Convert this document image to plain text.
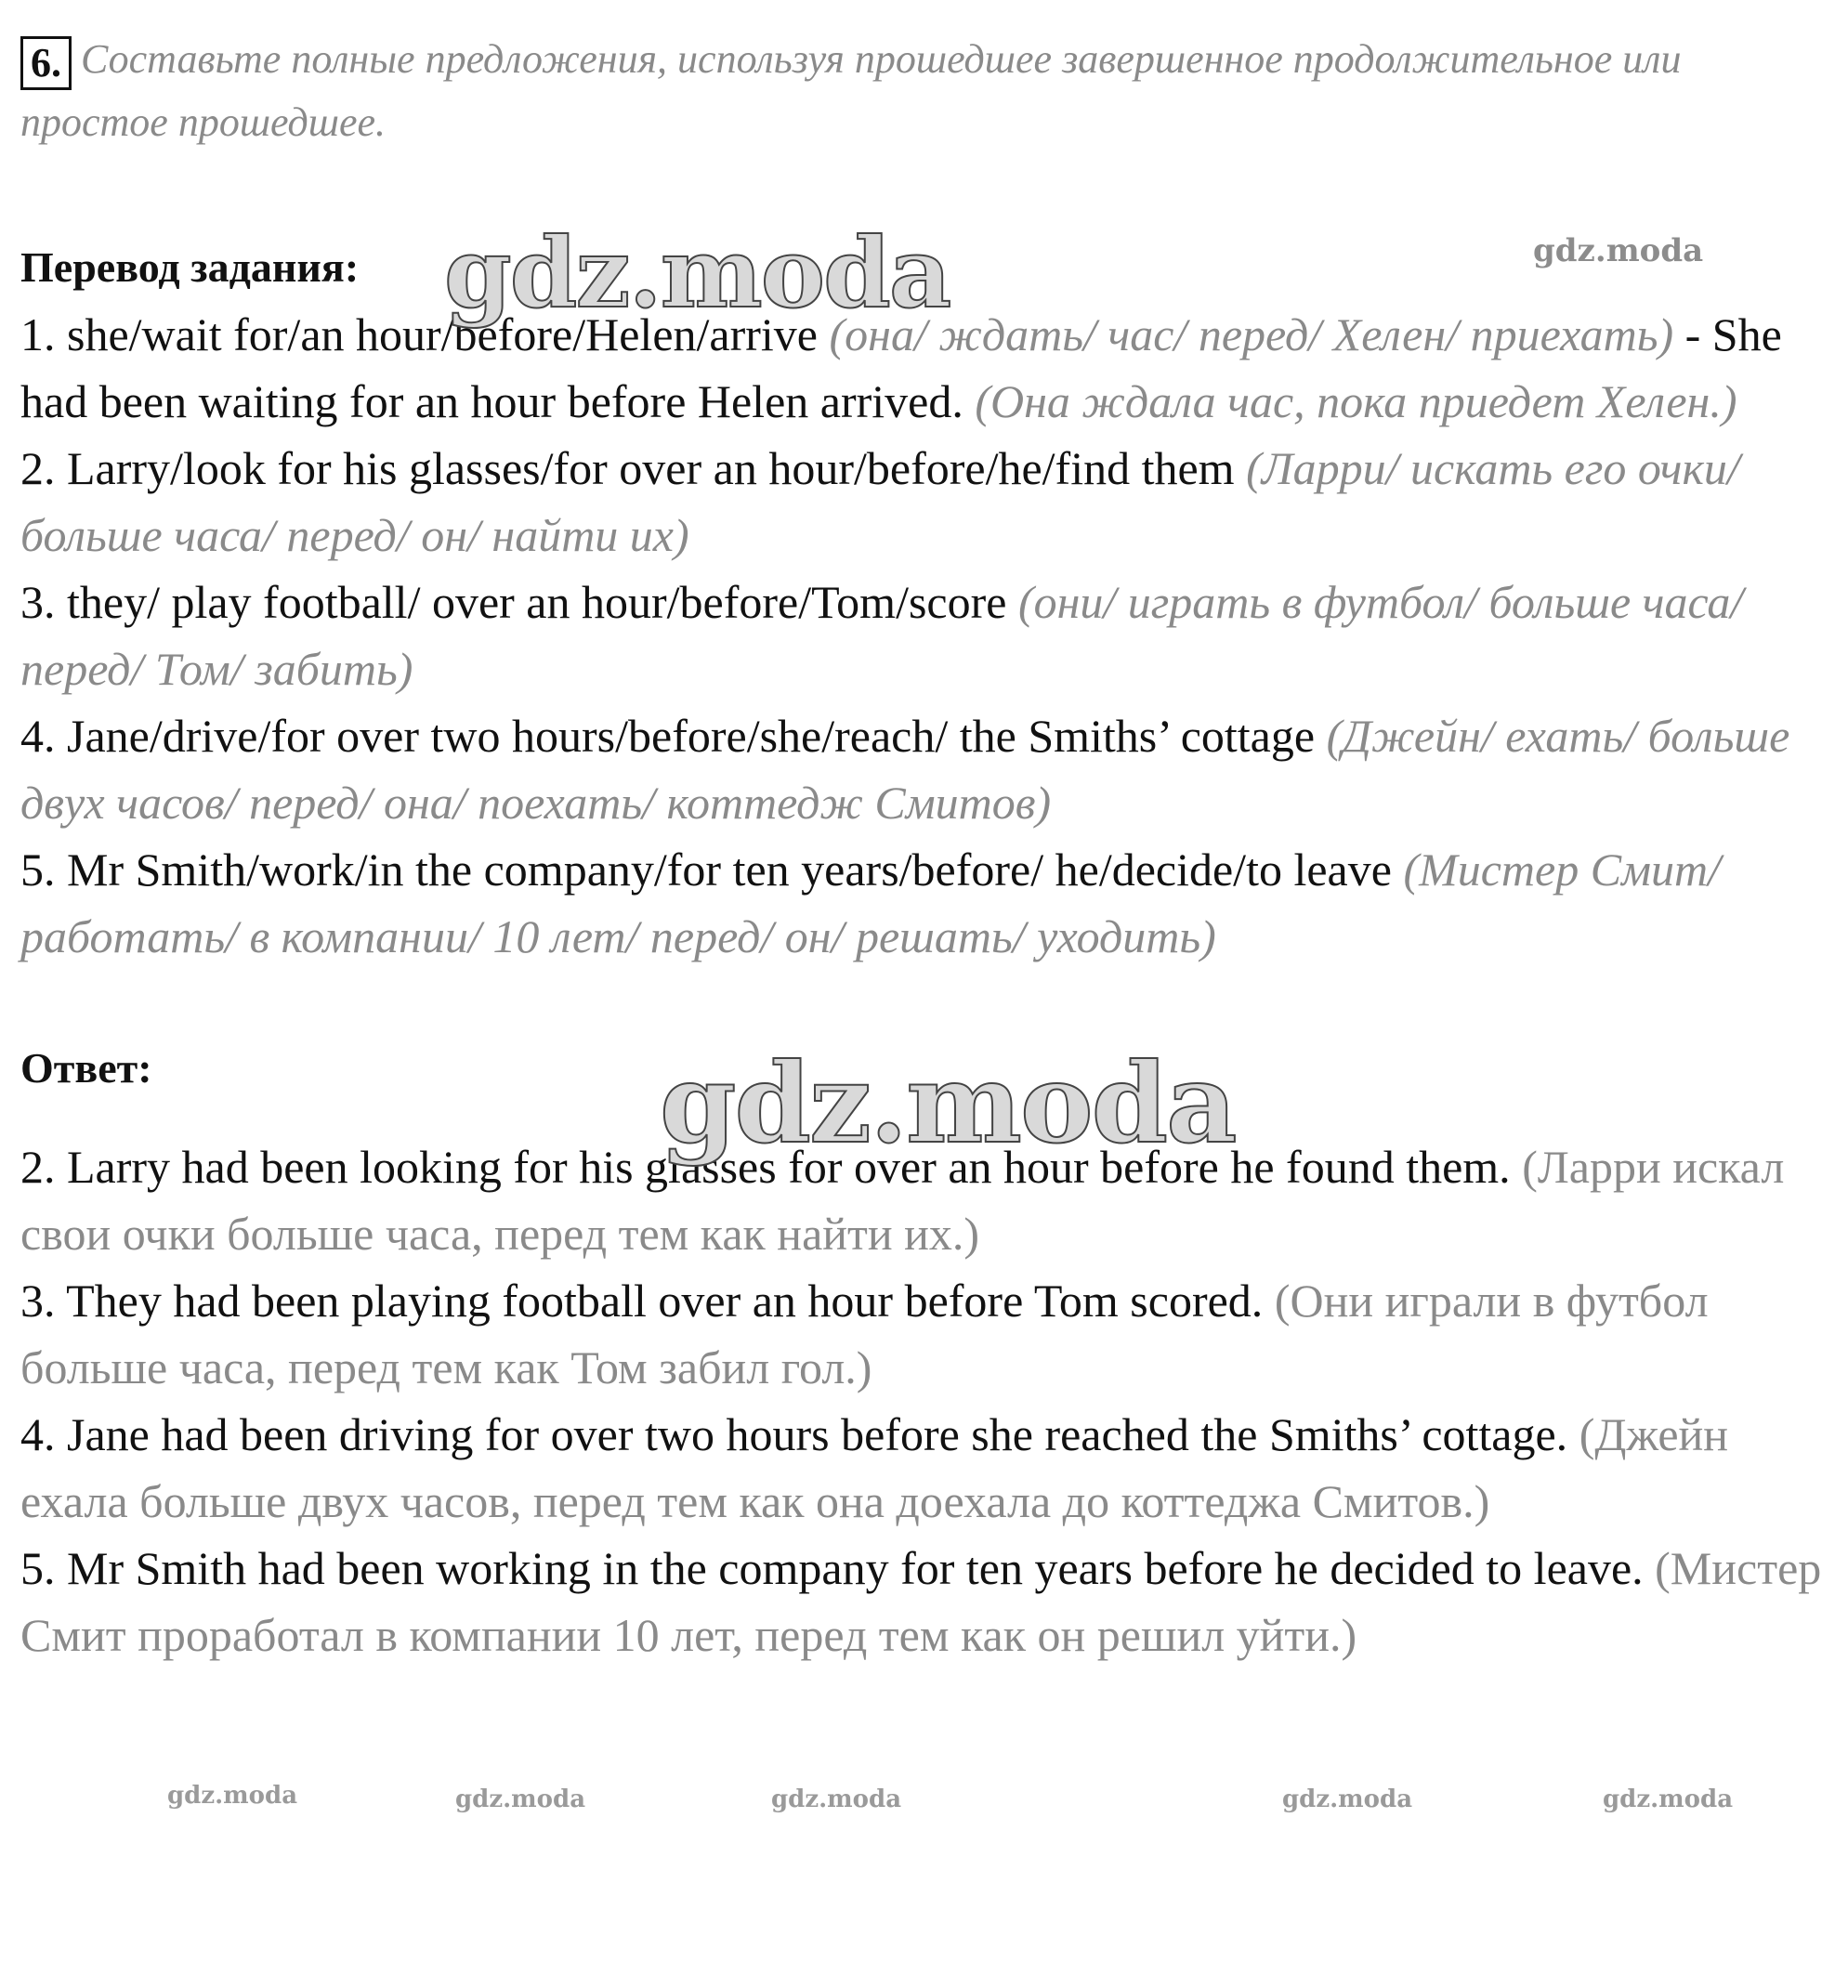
6. Составьте полные предложения, используя прошедшее завершенное продолжительное или простое прошедшее.
Перевод задания:
1. she/wait for/an hour/before/Helen/arrive (она/ ждать/ час/ перед/ Хелен/ приехать) - She had been waiting for an hour before Helen arrived. (Она ждала час, пока приедет Хелен.)
2. Larry/look for his glasses/for over an hour/before/he/find them (Ларри/ искать его очки/ больше часа/ перед/ он/ найти их)
3. they/ play football/ over an hour/before/Tom/score (они/ играть в футбол/ больше часа/ перед/ Том/ забить)
4. Jane/drive/for over two hours/before/she/reach/ the Smiths’ cottage (Джейн/ ехать/ больше двух часов/ перед/ она/ поехать/ коттедж Смитов)
5. Mr Smith/work/in the company/for ten years/before/ he/decide/to leave (Мистер Смит/ работать/ в компании/ 10 лет/ перед/ он/ решать/ уходить)
Ответ:
2. Larry had been looking for his glasses for over an hour before he found them. (Ларри искал свои очки больше часа, перед тем как найти их.)
3. They had been playing football over an hour before Tom scored. (Они играли в футбол больше часа, перед тем как Том забил гол.)
4. Jane had been driving for over two hours before she reached the Smiths’ cottage. (Джейн ехала больше двух часов, перед тем как она доехала до коттеджа Смитов.)
5. Mr Smith had been working in the company for ten years before he decided to leave. (Мистер Смит проработал в компании 10 лет, перед тем как он решил уйти.)
gdz.moda	gdz.moda
gdz.moda
gdz.moda	gdz.moda	gdz.moda	gdz.moda	gdz.moda
